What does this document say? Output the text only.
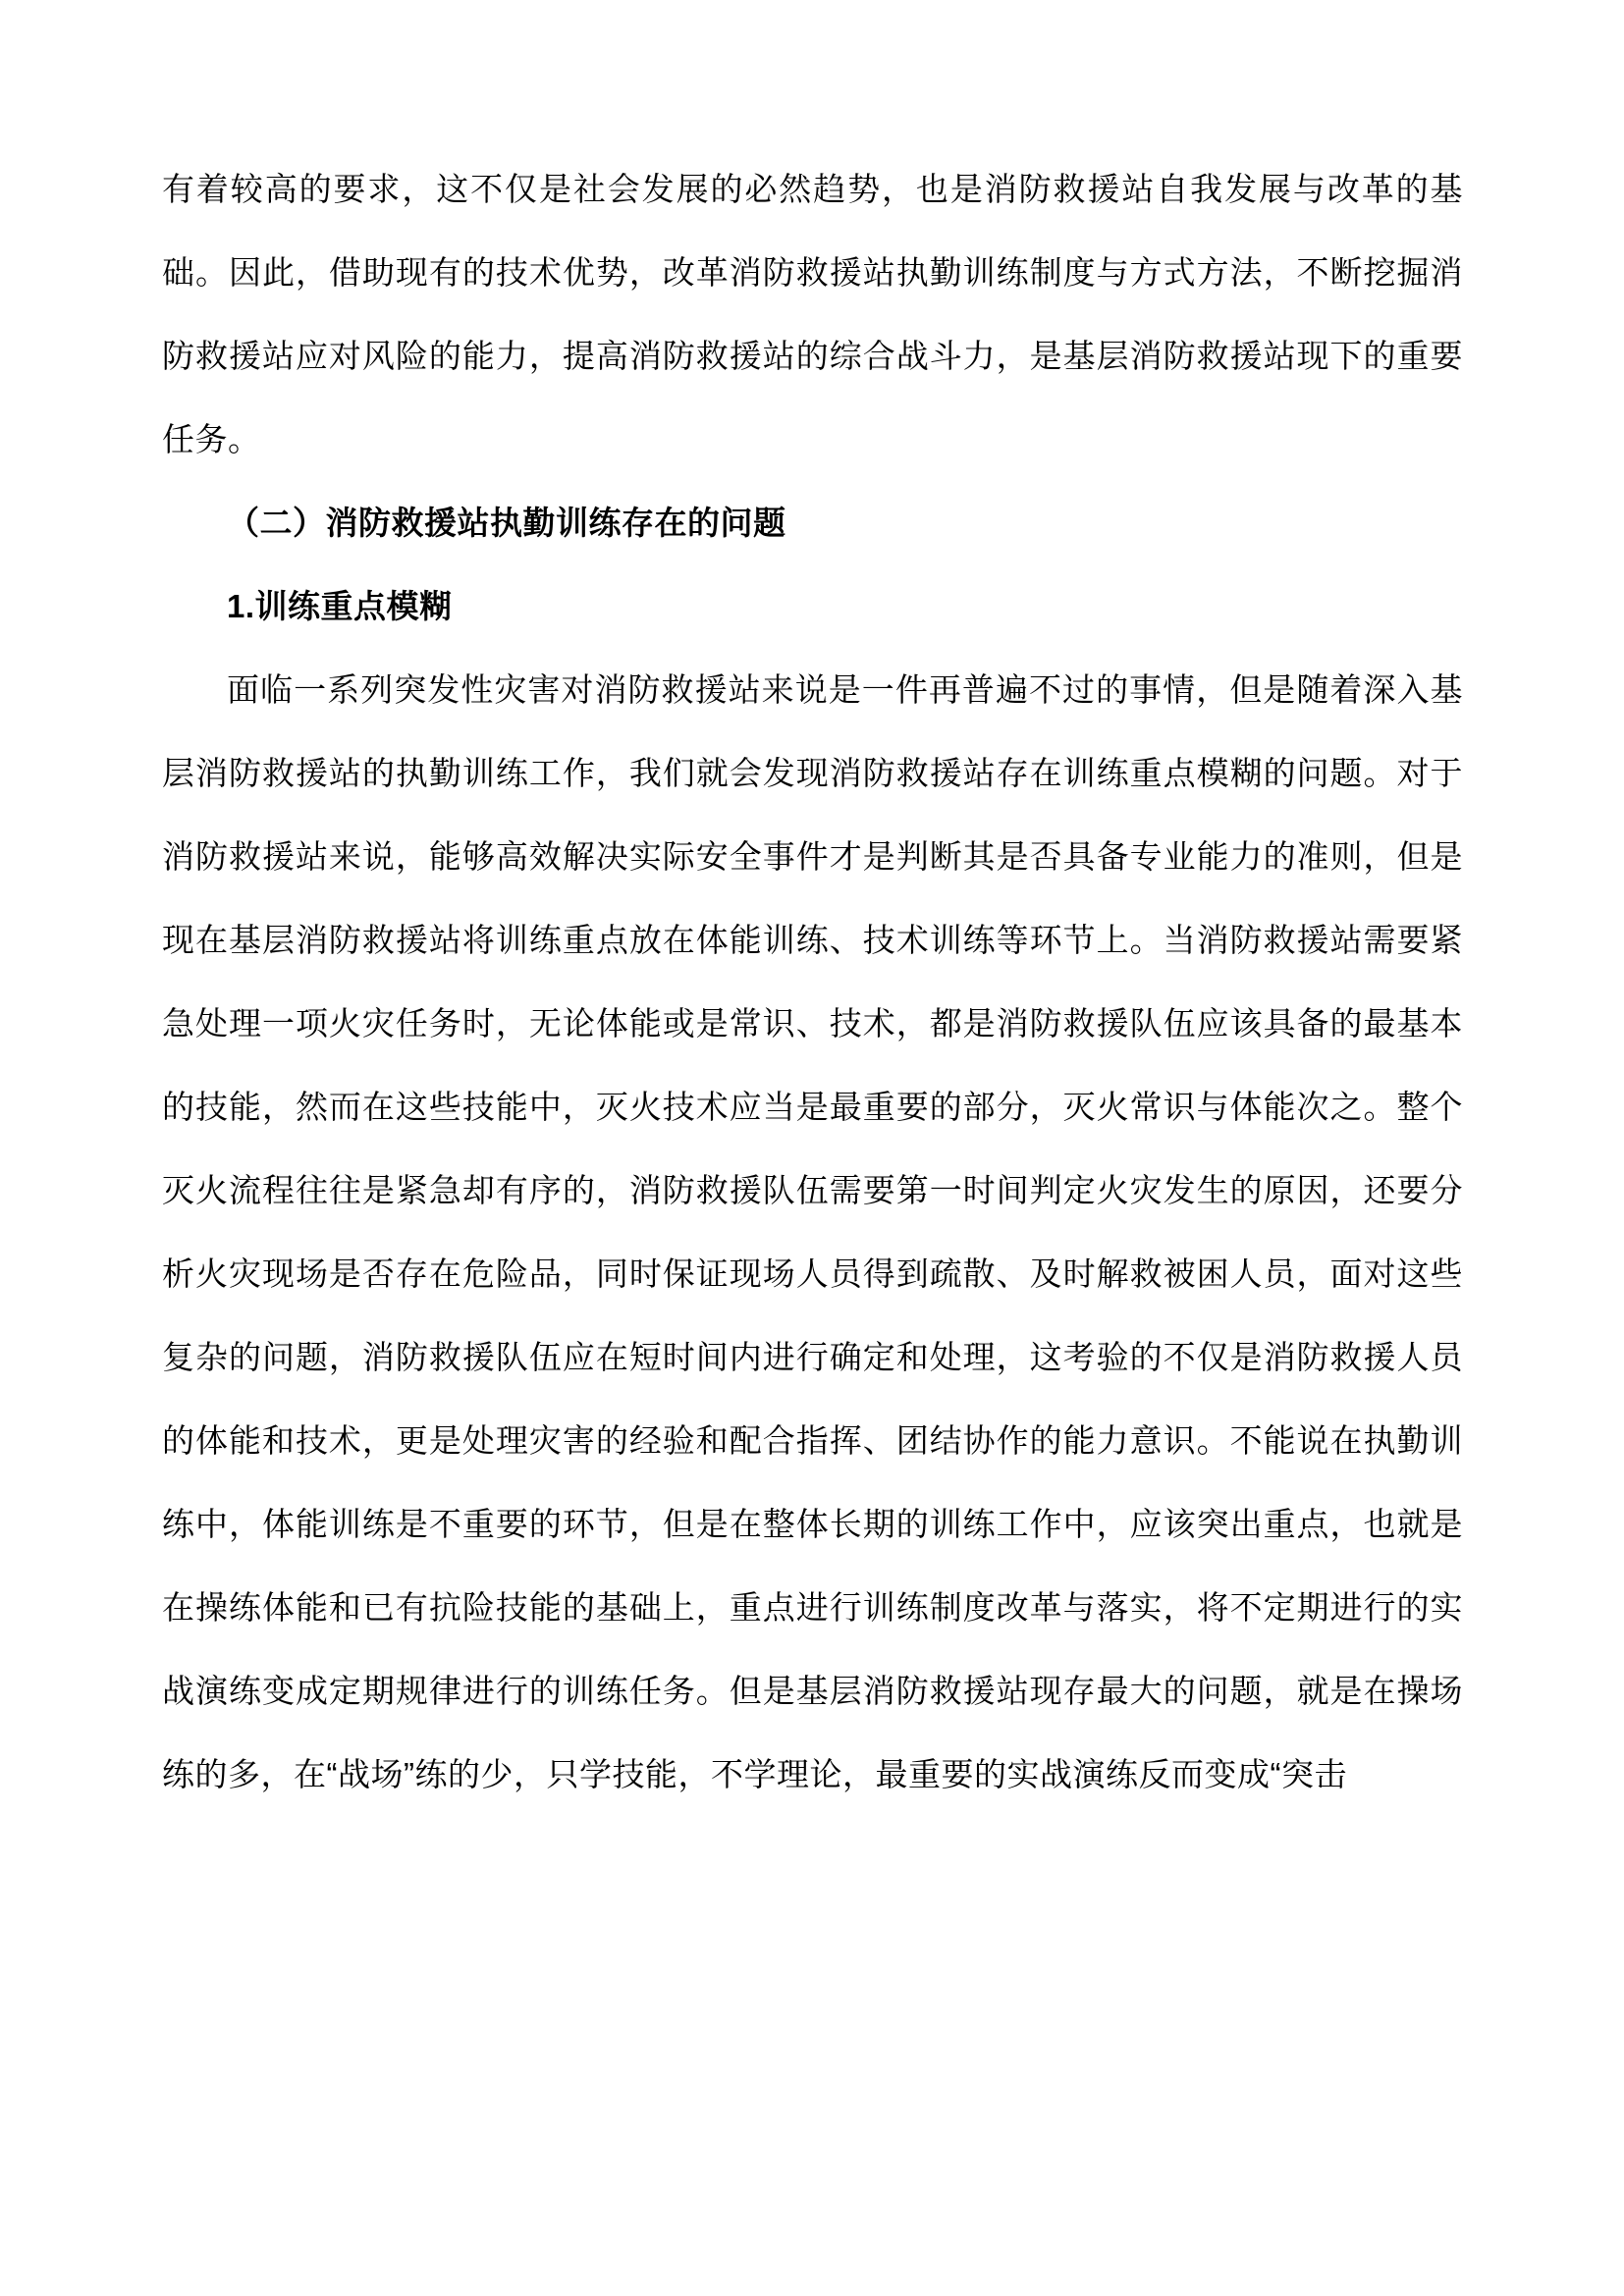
有着较高的要求，这不仅是社会发展的必然趋势，也是消防救援站自我发展与改革的基础。因此，借助现有的技术优势，改革消防救援站执勤训练制度与方式方法，不断挖掘消防救援站应对风险的能力，提高消防救援站的综合战斗力，是基层消防救援站现下的重要任务。

（二）消防救援站执勤训练存在的问题
1.训练重点模糊

面临一系列突发性灾害对消防救援站来说是一件再普遍不过的事情，但是随着深入基层消防救援站的执勤训练工作，我们就会发现消防救援站存在训练重点模糊的问题。对于消防救援站来说，能够高效解决实际安全事件才是判断其是否具备专业能力的准则，但是现在基层消防救援站将训练重点放在体能训练、技术训练等环节上。当消防救援站需要紧急处理一项火灾任务时，无论体能或是常识、技术，都是消防救援队伍应该具备的最基本的技能，然而在这些技能中，灭火技术应当是最重要的部分，灭火常识与体能次之。整个灭火流程往往是紧急却有序的，消防救援队伍需要第一时间判定火灾发生的原因，还要分析火灾现场是否存在危险品，同时保证现场人员得到疏散、及时解救被困人员，面对这些复杂的问题，消防救援队伍应在短时间内进行确定和处理，这考验的不仅是消防救援人员的体能和技术，更是处理灾害的经验和配合指挥、团结协作的能力意识。不能说在执勤训练中，体能训练是不重要的环节，但是在整体长期的训练工作中，应该突出重点，也就是在操练体能和已有抗险技能的基础上，重点进行训练制度改革与落实，将不定期进行的实战演练变成定期规律进行的训练任务。但是基层消防救援站现存最大的问题，就是在操场练的多，在“战场”练的少，只学技能，不学理论，最重要的实战演练反而变成“突击
